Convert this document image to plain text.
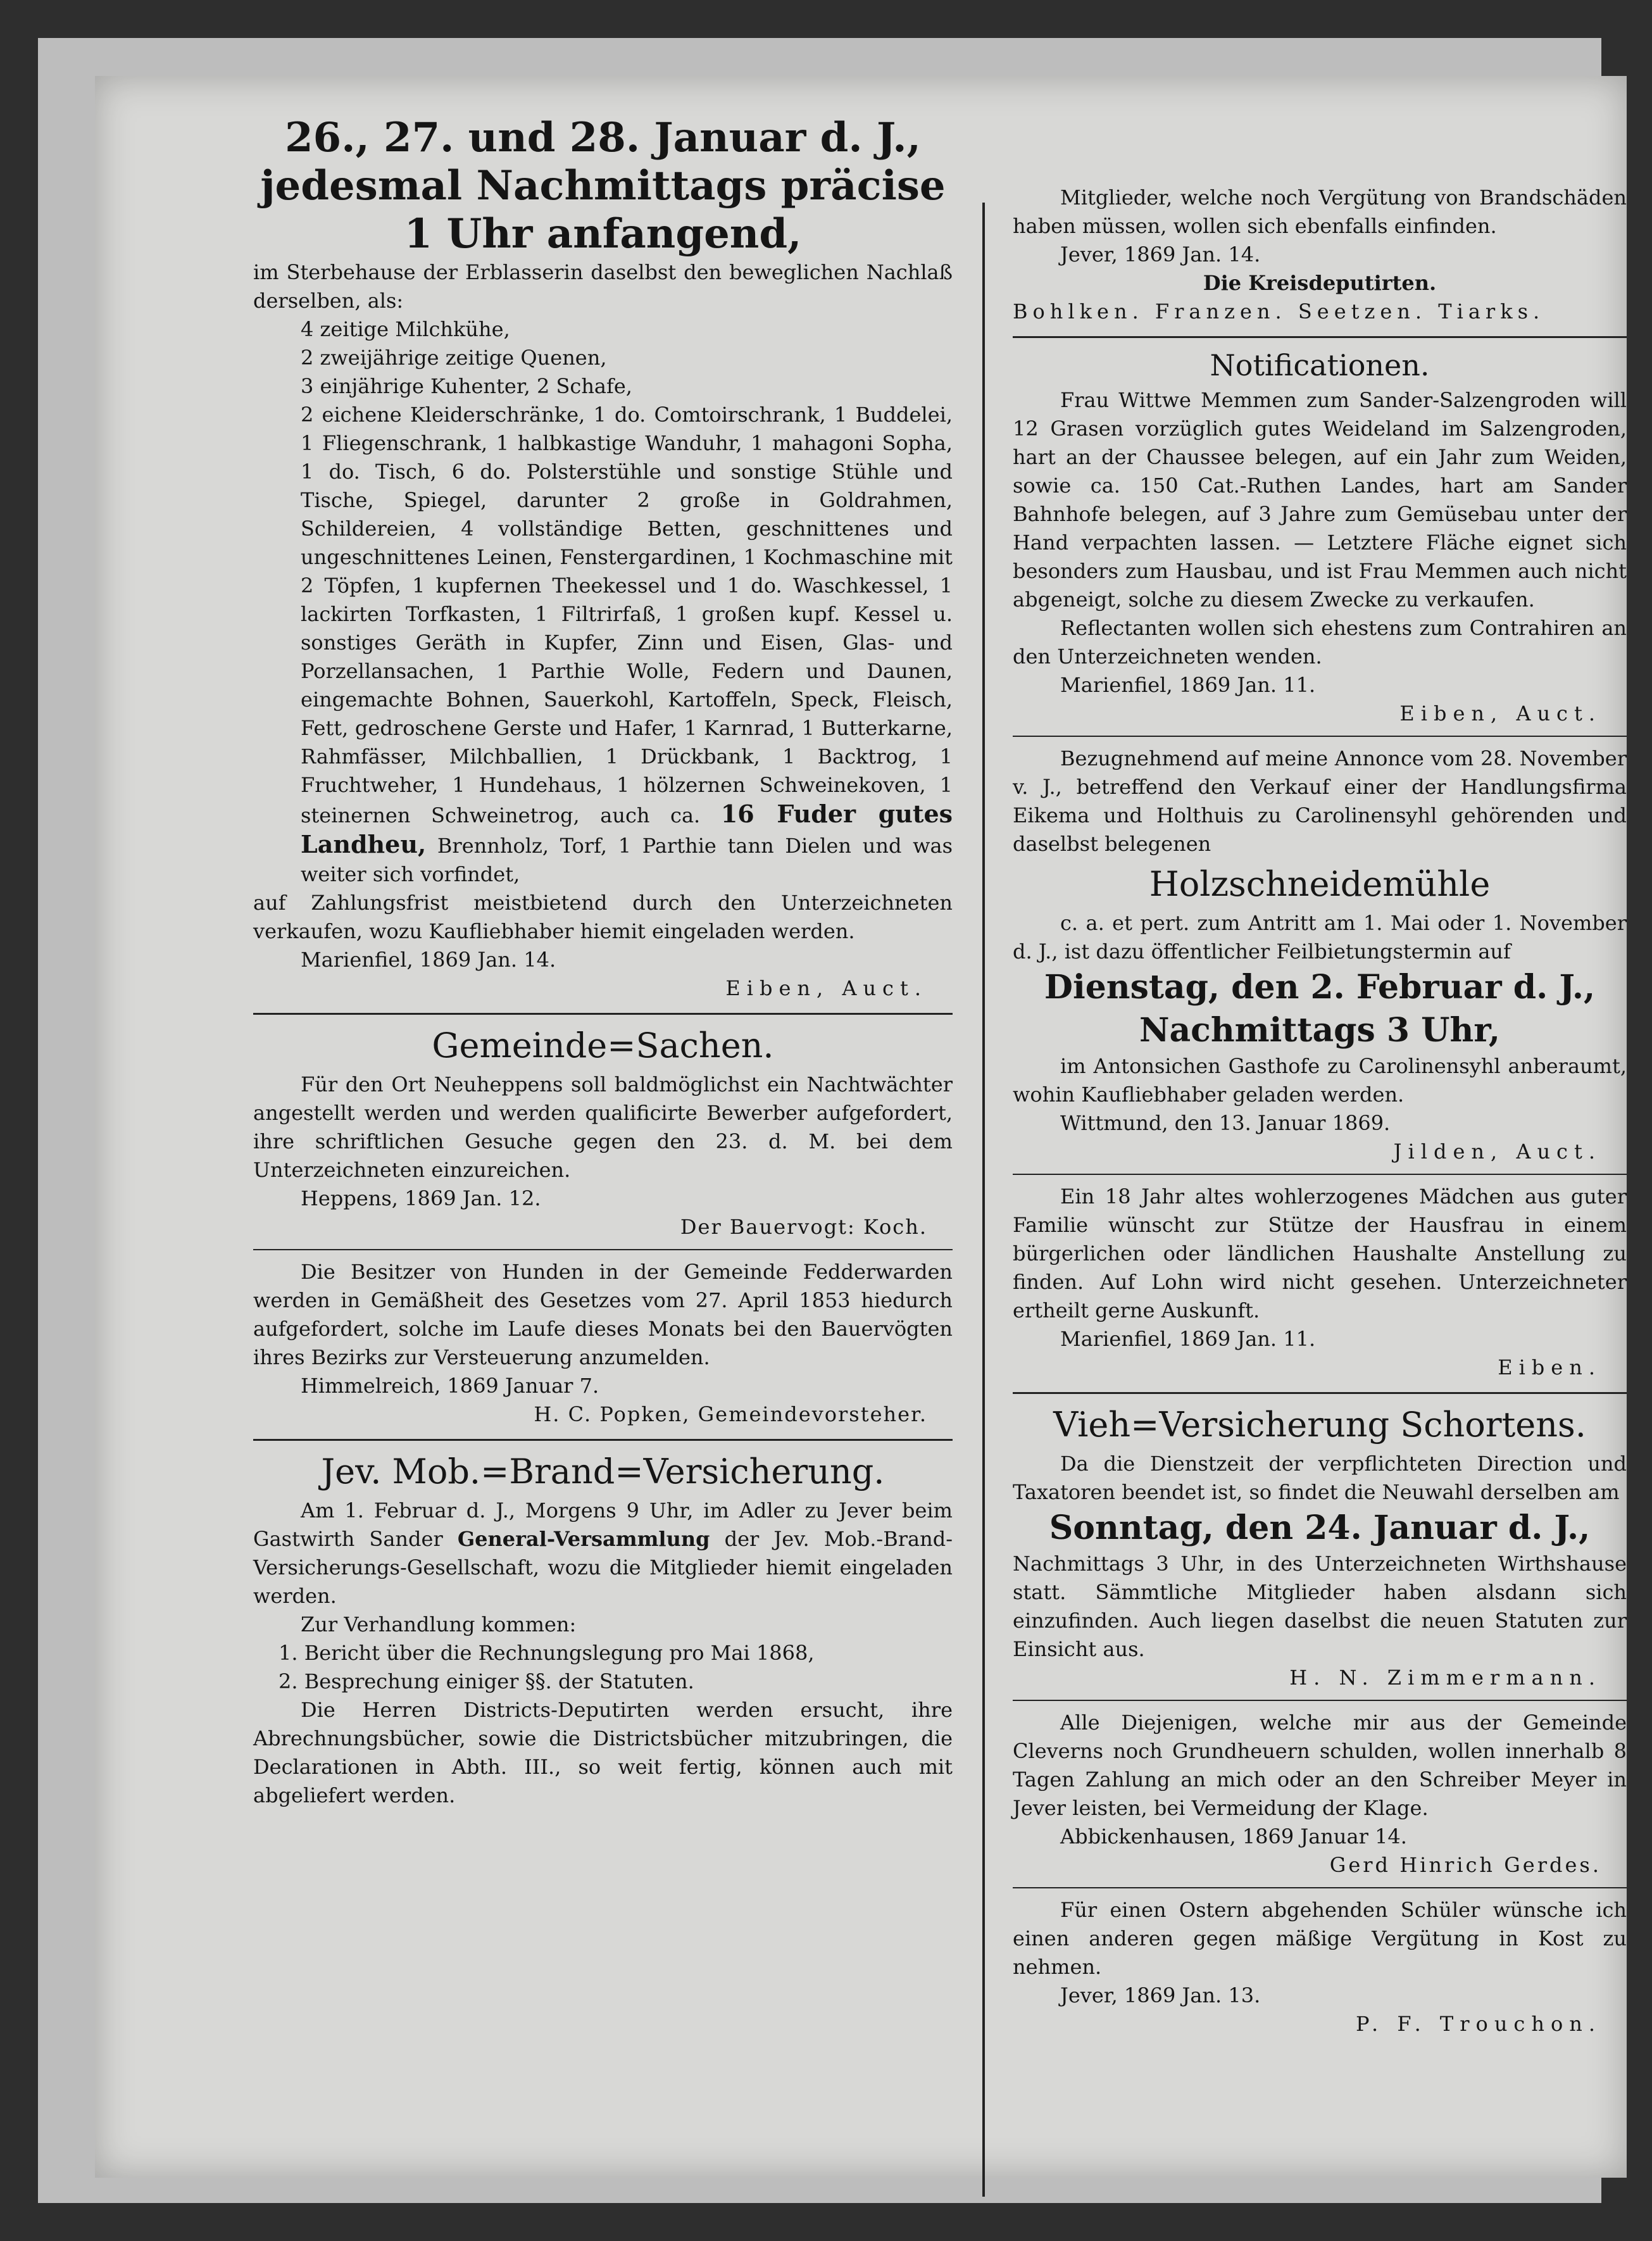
26., 27. und 28. Januar d. J.,

jedesmal Nachmittags präcise 1 Uhr anfangend,

im Sterbehause der Erblasserin daselbst den beweglichen Nachlaß derselben, als:

4 zeitige Milchkühe,

2 zweijährige zeitige Quenen,

3 einjährige Kuhenter, 2 Schafe,

2 eichene Kleiderschränke, 1 do. Comtoirschrank, 1 Buddelei, 1 Fliegenschrank, 1 halbkastige Wanduhr, 1 mahagoni Sopha, 1 do. Tisch, 6 do. Polsterstühle und sonstige Stühle und Tische, Spiegel, darunter 2 große in Goldrahmen, Schildereien, 4 vollständige Betten, geschnittenes und ungeschnittenes Leinen, Fenstergardinen, 1 Kochmaschine mit 2 Töpfen, 1 kupfernen Theekessel und 1 do. Waschkessel, 1 lackirten Torfkasten, 1 Filtrirfaß, 1 großen kupf. Kessel u. sonstiges Geräth in Kupfer, Zinn und Eisen, Glas- und Porzellansachen, 1 Parthie Wolle, Federn und Daunen, eingemachte Bohnen, Sauerkohl, Kartoffeln, Speck, Fleisch, Fett, gedroschene Gerste und Hafer, 1 Karnrad, 1 Butterkarne, Rahmfässer, Milchballien, 1 Drückbank, 1 Backtrog, 1 Fruchtweher, 1 Hundehaus, 1 hölzernen Schweinekoven, 1 steinernen Schweinetrog, auch ca. 16 Fuder gutes Landheu, Brennholz, Torf, 1 Parthie tann Dielen und was weiter sich vorfindet,

auf Zahlungsfrist meistbietend durch den Unterzeichneten verkaufen, wozu Kaufliebhaber hiemit eingeladen werden.

Marienfiel, 1869 Jan. 14.

Eiben, Auct.

Gemeinde=Sachen.

Für den Ort Neuheppens soll baldmöglichst ein Nachtwächter angestellt werden und werden qualificirte Bewerber aufgefordert, ihre schriftlichen Gesuche gegen den 23. d. M. bei dem Unterzeichneten einzureichen.

Heppens, 1869 Jan. 12.

Der Bauervogt: Koch.

Die Besitzer von Hunden in der Gemeinde Fedderwarden werden in Gemäßheit des Gesetzes vom 27. April 1853 hiedurch aufgefordert, solche im Laufe dieses Monats bei den Bauervögten ihres Bezirks zur Versteuerung anzumelden.

Himmelreich, 1869 Januar 7.

H. C. Popken, Gemeindevorsteher.

Jev. Mob.=Brand=Versicherung.

Am 1. Februar d. J., Morgens 9 Uhr, im Adler zu Jever beim Gastwirth Sander General-Versammlung der Jev. Mob.-Brand-Versicherungs-Gesellschaft, wozu die Mitglieder hiemit eingeladen werden.

Zur Verhandlung kommen:

1. Bericht über die Rechnungslegung pro Mai 1868,

2. Besprechung einiger §§. der Statuten.

Die Herren Districts-Deputirten werden ersucht, ihre Abrechnungsbücher, sowie die Districtsbücher mitzubringen, die Declarationen in Abth. III., so weit fertig, können auch mit abgeliefert werden.

Mitglieder, welche noch Vergütung von Brandschäden haben müssen, wollen sich ebenfalls einfinden.

Jever, 1869 Jan. 14.

Die Kreisdeputirten.

Bohlken. Franzen. Seetzen. Tiarks.

Notificationen.

Frau Wittwe Memmen zum Sander-Salzengroden will 12 Grasen vorzüglich gutes Weideland im Salzengroden, hart an der Chaussee belegen, auf ein Jahr zum Weiden, sowie ca. 150 Cat.-Ruthen Landes, hart am Sander Bahnhofe belegen, auf 3 Jahre zum Gemüsebau unter der Hand verpachten lassen. — Letztere Fläche eignet sich besonders zum Hausbau, und ist Frau Memmen auch nicht abgeneigt, solche zu diesem Zwecke zu verkaufen.

Reflectanten wollen sich ehestens zum Contrahiren an den Unterzeichneten wenden.

Marienfiel, 1869 Jan. 11.

Eiben, Auct.

Bezugnehmend auf meine Annonce vom 28. November v. J., betreffend den Verkauf einer der Handlungsfirma Eikema und Holthuis zu Carolinensyhl gehörenden und daselbst belegenen

Holzschneidemühle

c. a. et pert. zum Antritt am 1. Mai oder 1. November d. J., ist dazu öffentlicher Feilbietungstermin auf

Dienstag, den 2. Februar d. J.,

Nachmittags 3 Uhr,

im Antonsichen Gasthofe zu Carolinensyhl anberaumt, wohin Kaufliebhaber geladen werden.

Wittmund, den 13. Januar 1869.

Jilden, Auct.

Ein 18 Jahr altes wohlerzogenes Mädchen aus guter Familie wünscht zur Stütze der Hausfrau in einem bürgerlichen oder ländlichen Haushalte Anstellung zu finden. Auf Lohn wird nicht gesehen. Unterzeichneter ertheilt gerne Auskunft.

Marienfiel, 1869 Jan. 11.

Eiben.

Vieh=Versicherung Schortens.

Da die Dienstzeit der verpflichteten Direction und Taxatoren beendet ist, so findet die Neuwahl derselben am

Sonntag, den 24. Januar d. J.,

Nachmittags 3 Uhr, in des Unterzeichneten Wirthshause statt. Sämmtliche Mitglieder haben alsdann sich einzufinden. Auch liegen daselbst die neuen Statuten zur Einsicht aus.

H. N. Zimmermann.

Alle Diejenigen, welche mir aus der Gemeinde Cleverns noch Grundheuern schulden, wollen innerhalb 8 Tagen Zahlung an mich oder an den Schreiber Meyer in Jever leisten, bei Vermeidung der Klage.

Abbickenhausen, 1869 Januar 14.

Gerd Hinrich Gerdes.

Für einen Ostern abgehenden Schüler wünsche ich einen anderen gegen mäßige Vergütung in Kost zu nehmen.

Jever, 1869 Jan. 13.

P. F. Trouchon.
